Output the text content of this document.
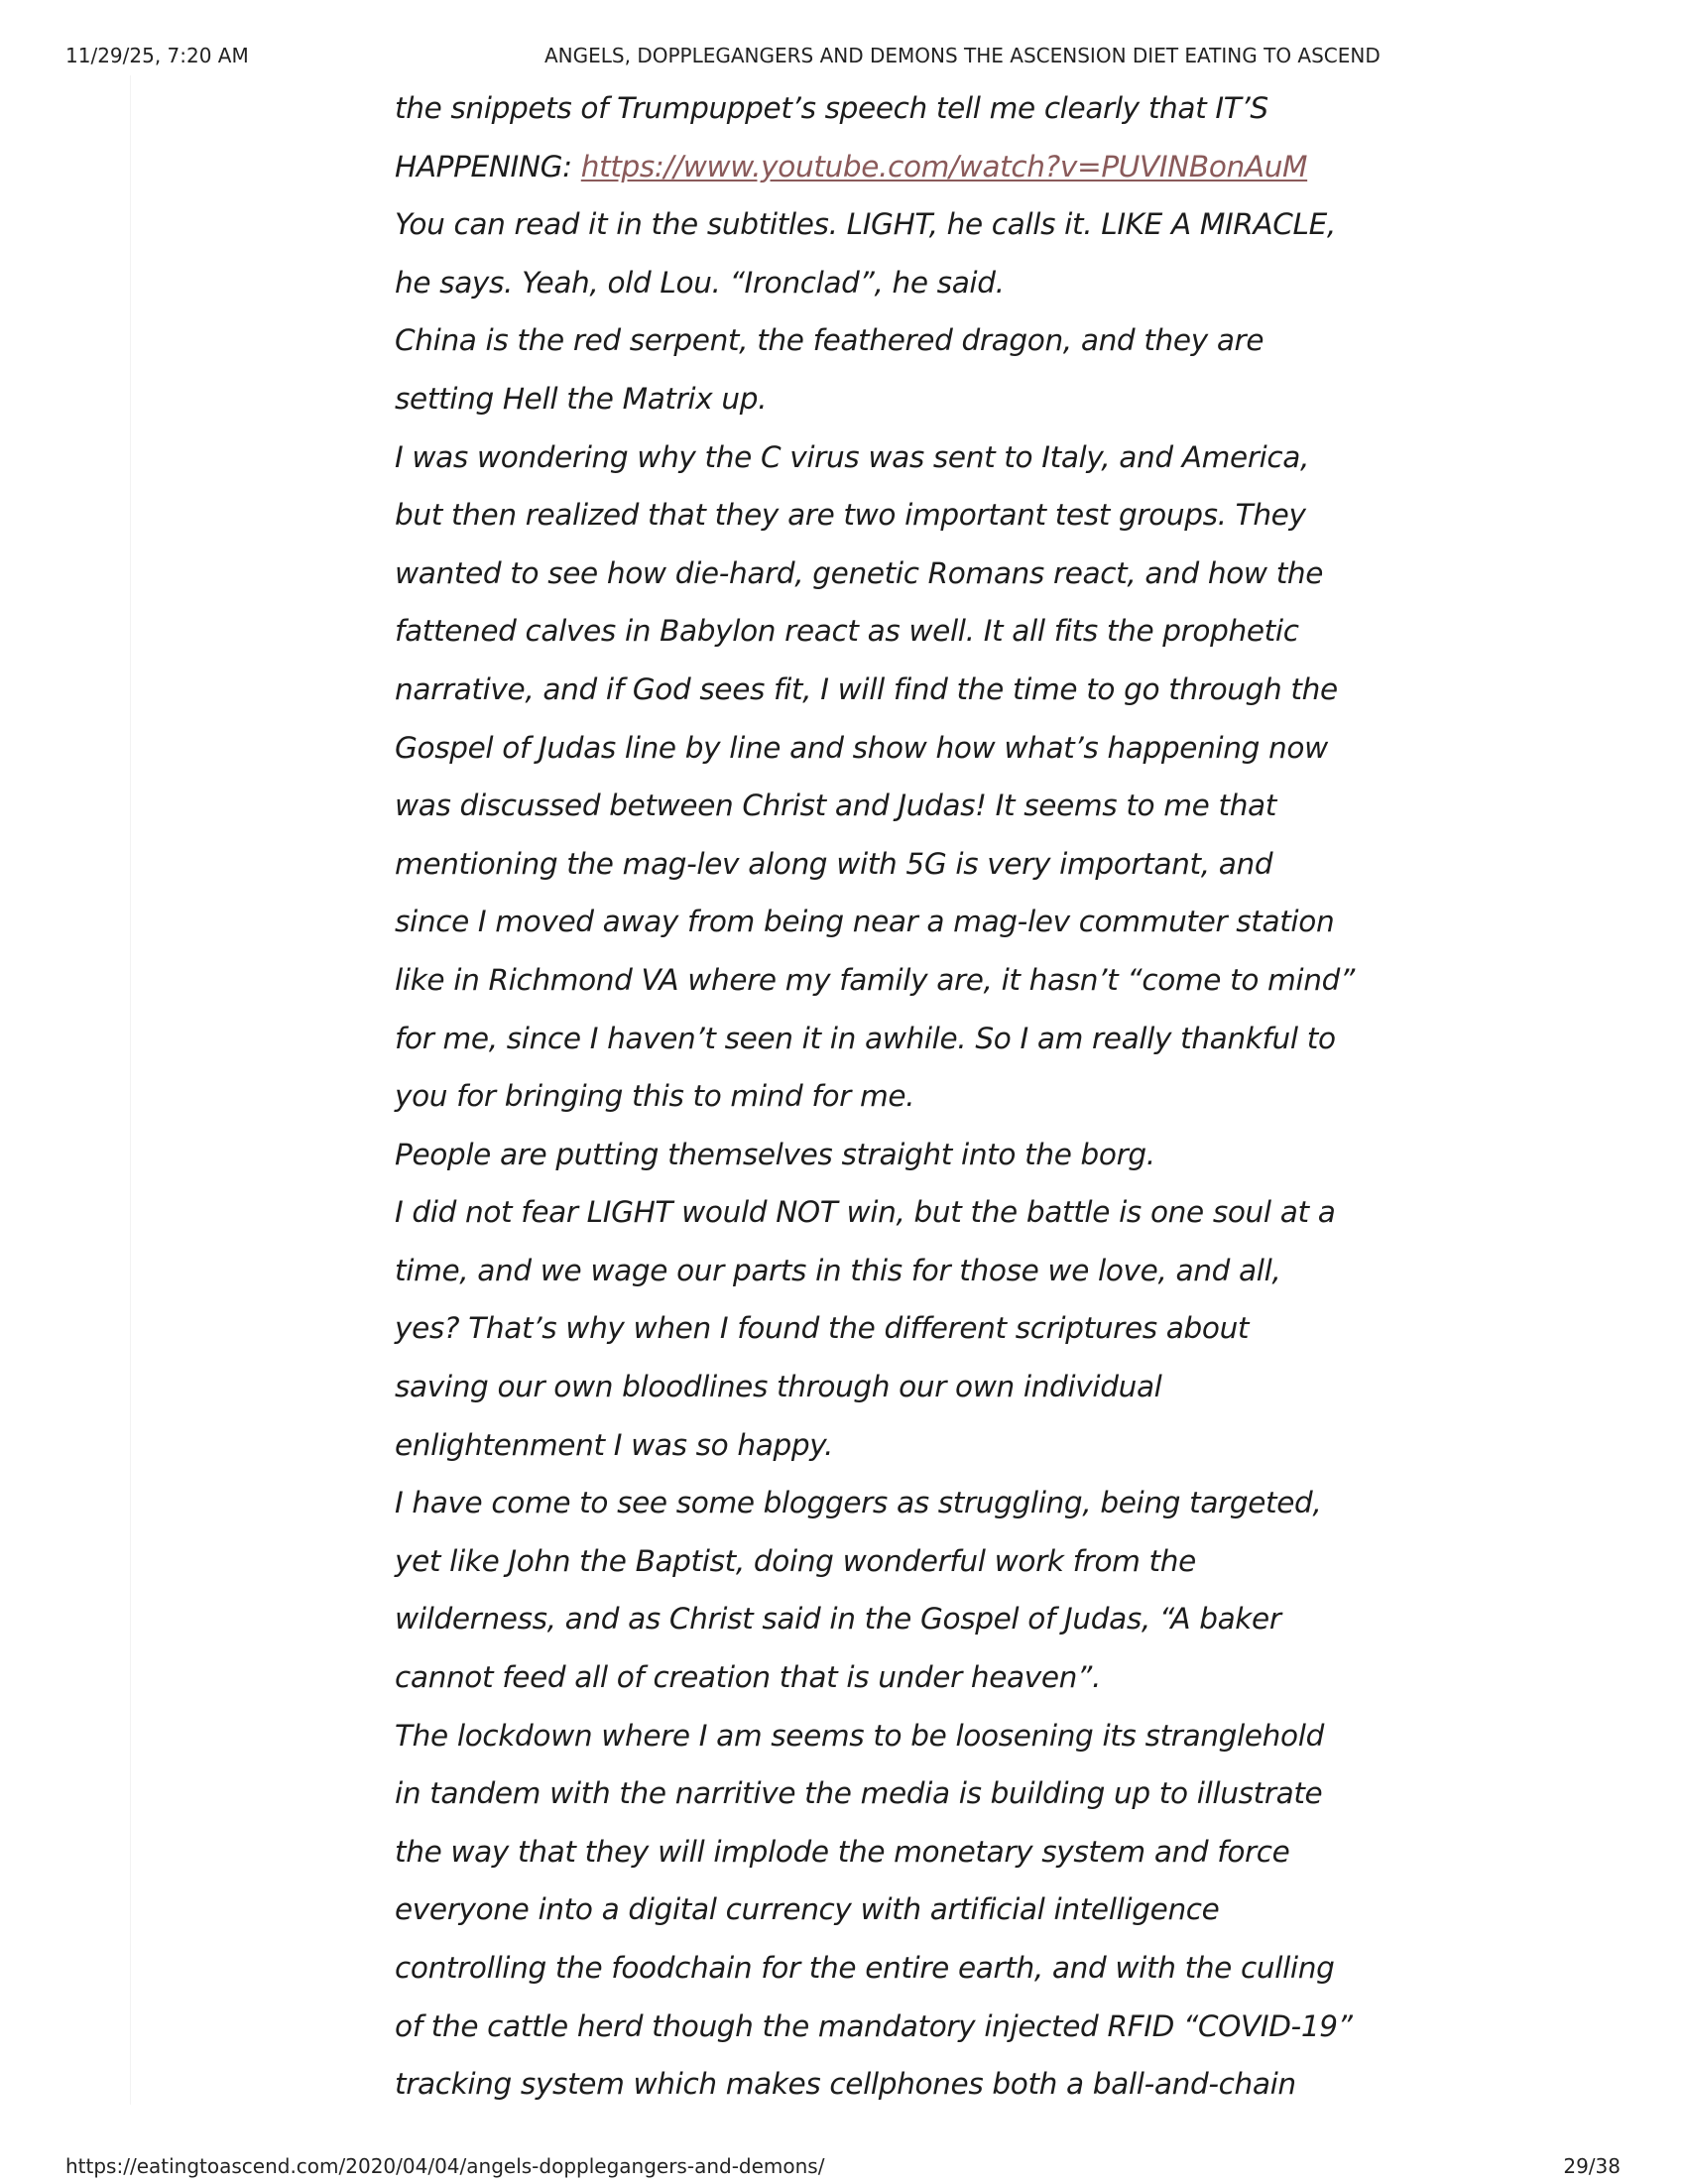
11/29/25, 7:20 AM	ANGELS, DOPPLEGANGERS AND DEMONS THE ASCENSION DIET EATING TO ASCEND
the snippets of Trumpuppet’s speech tell me clearly that IT’S
HAPPENING: https://www.youtube.com/watch?v=PUVINBonAuM
You can read it in the subtitles. LIGHT, he calls it. LIKE A MIRACLE,
he says. Yeah, old Lou. “Ironclad”, he said.
China is the red serpent, the feathered dragon, and they are
setting Hell the Matrix up.
I was wondering why the C virus was sent to Italy, and America,
but then realized that they are two important test groups. They
wanted to see how die-hard, genetic Romans react, and how the
fattened calves in Babylon react as well. It all fits the prophetic
narrative, and if God sees fit, I will find the time to go through the
Gospel of Judas line by line and show how what’s happening now
was discussed between Christ and Judas! It seems to me that
mentioning the mag-lev along with 5G is very important, and
since I moved away from being near a mag-lev commuter station
like in Richmond VA where my family are, it hasn’t “come to mind”
for me, since I haven’t seen it in awhile. So I am really thankful to
you for bringing this to mind for me.
People are putting themselves straight into the borg.
I did not fear LIGHT would NOT win, but the battle is one soul at a
time, and we wage our parts in this for those we love, and all,
yes? That’s why when I found the different scriptures about
saving our own bloodlines through our own individual
enlightenment I was so happy.
I have come to see some bloggers as struggling, being targeted,
yet like John the Baptist, doing wonderful work from the
wilderness, and as Christ said in the Gospel of Judas, “A baker
cannot feed all of creation that is under heaven”.
The lockdown where I am seems to be loosening its stranglehold
in tandem with the narritive the media is building up to illustrate
the way that they will implode the monetary system and force
everyone into a digital currency with artificial intelligence
controlling the foodchain for the entire earth, and with the culling
of the cattle herd though the mandatory injected RFID “COVID-19”
tracking system which makes cellphones both a ball-and-chain
https://eatingtoascend.com/2020/04/04/angels-dopplegangers-and-demons/	29/38
